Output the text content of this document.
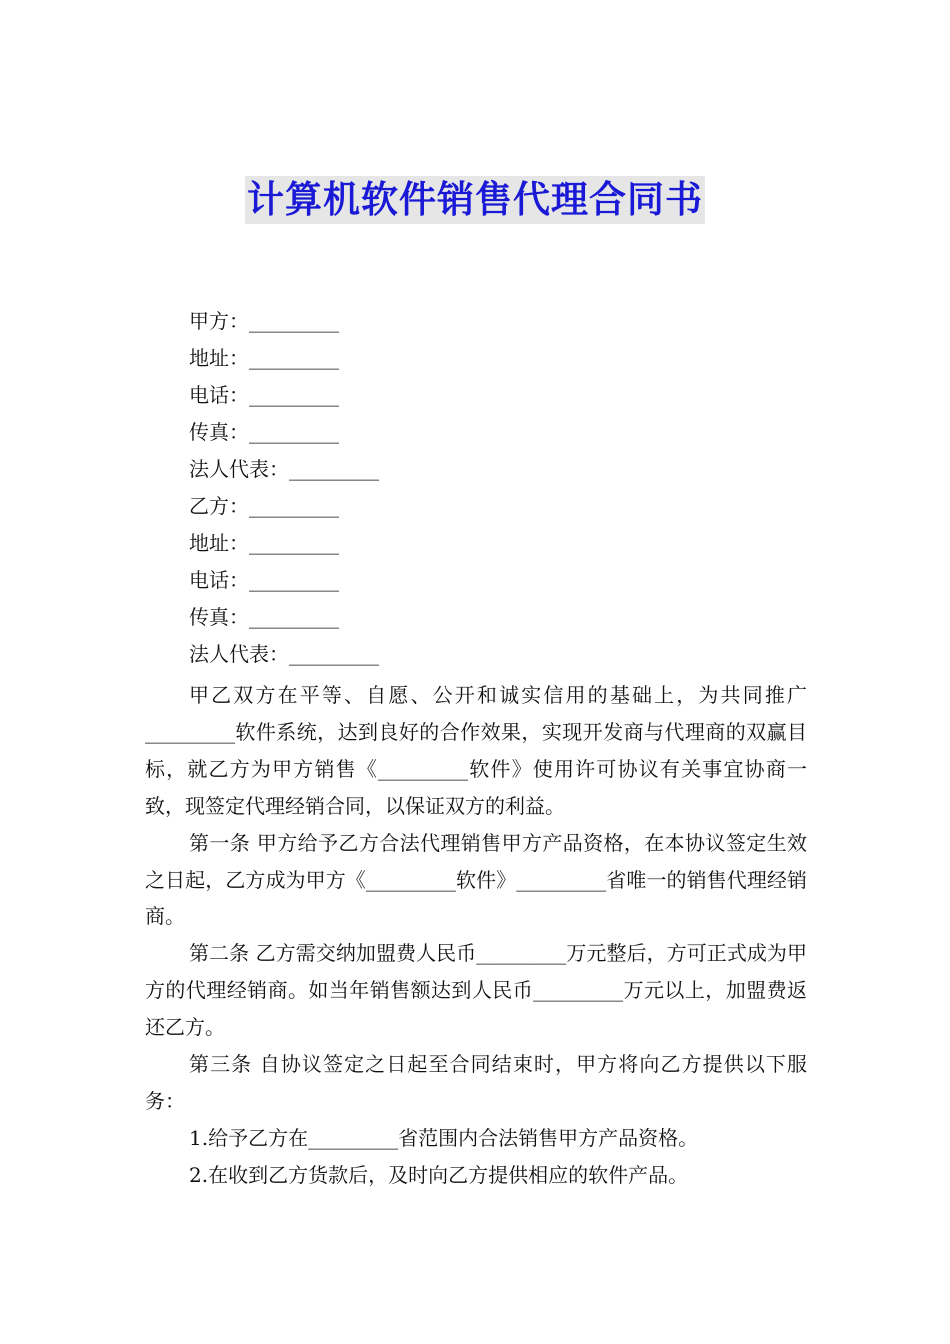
计算机软件销售代理合同书
甲方：_________
地址：_________
电话：_________
传真：_________
法人代表：_________
乙方：_________
地址：_________
电话：_________
传真：_________
法人代表：_________

甲乙双方在平等、自愿、公开和诚实信用的基础上，为共同推广_________软件系统，达到良好的合作效果，实现开发商与代理商的双赢目标，就乙方为甲方销售《_________软件》使用许可协议有关事宜协商一致，现签定代理经销合同，以保证双方的利益。

第一条 甲方给予乙方合法代理销售甲方产品资格，在本协议签定生效之日起，乙方成为甲方《_________软件》_________省唯一的销售代理经销商。

第二条 乙方需交纳加盟费人民币_________万元整后，方可正式成为甲方的代理经销商。如当年销售额达到人民币_________万元以上，加盟费返还乙方。

第三条 自协议签定之日起至合同结束时，甲方将向乙方提供以下服务：

1.给予乙方在_________省范围内合法销售甲方产品资格。

2.在收到乙方货款后，及时向乙方提供相应的软件产品。
